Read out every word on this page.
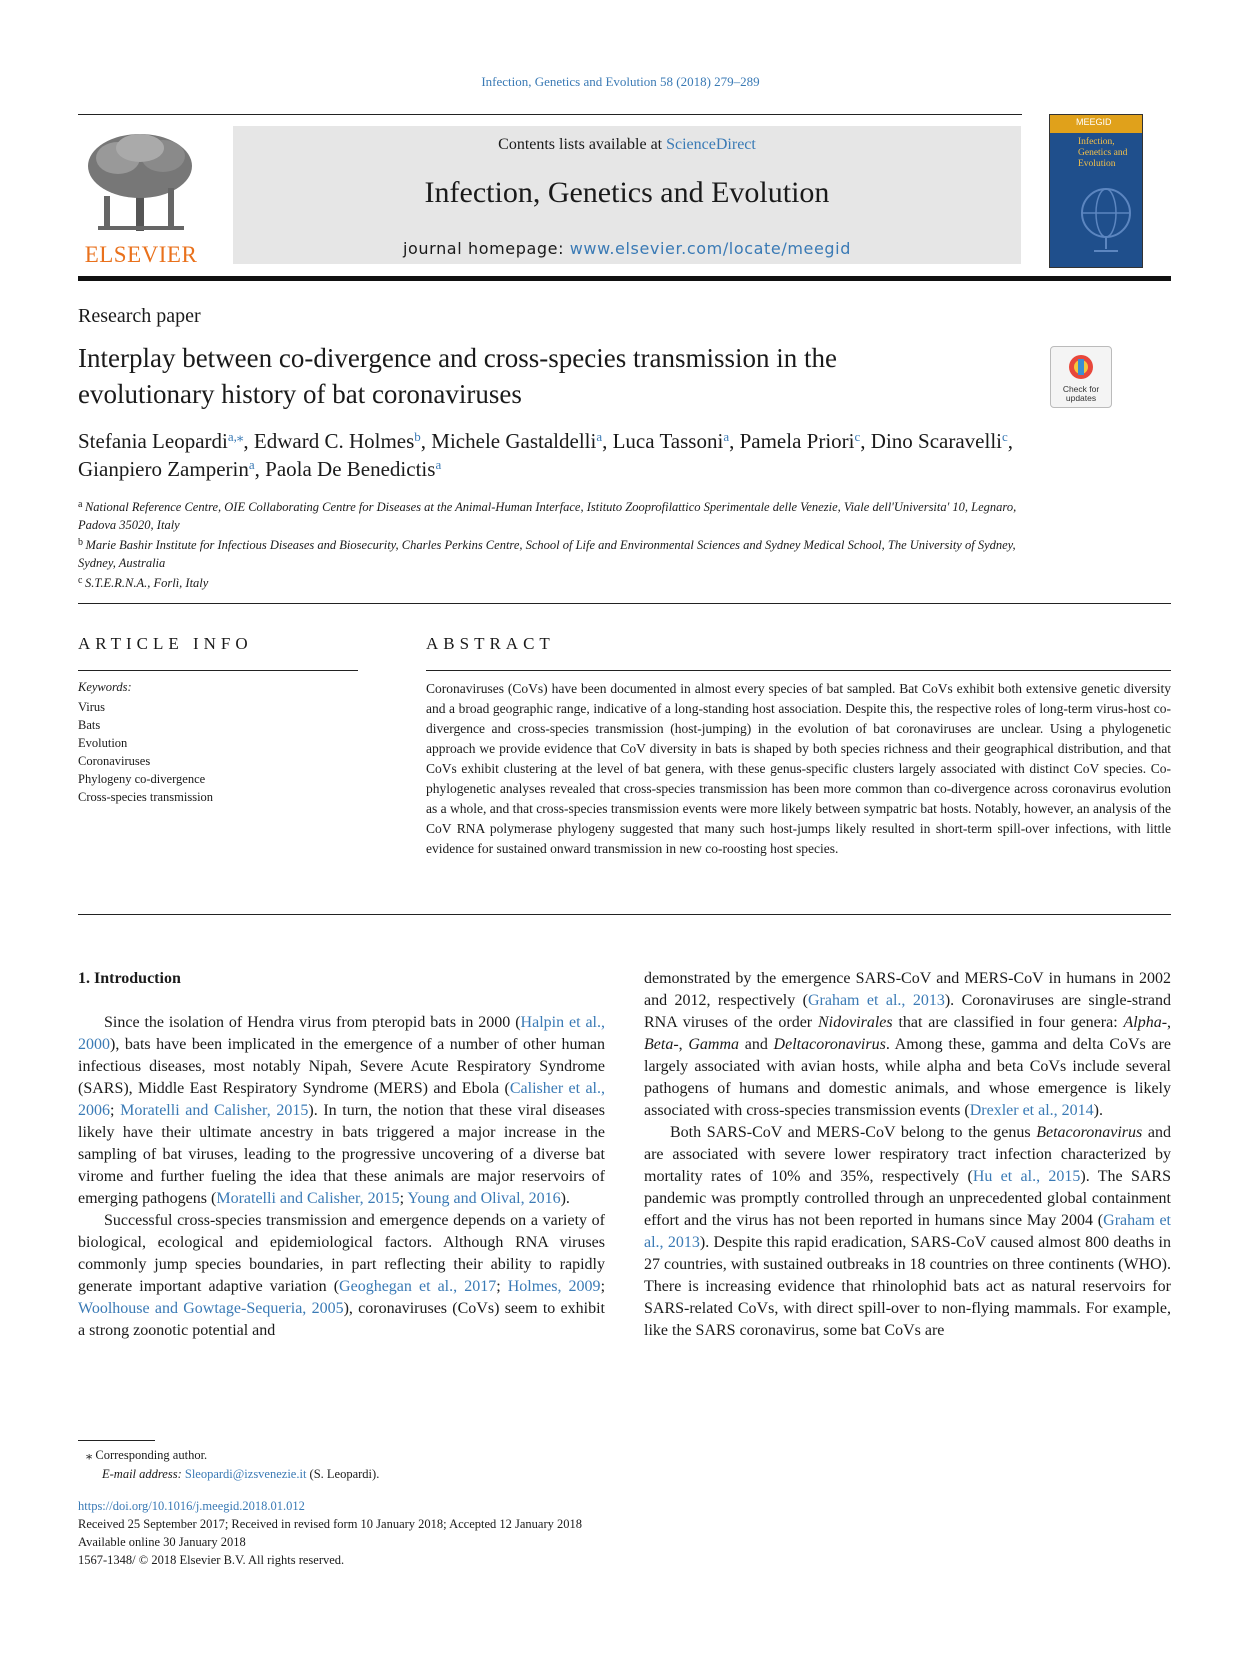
Infection, Genetics and Evolution 58 (2018) 279–289
ELSEVIER
Contents lists available at ScienceDirect
Infection, Genetics and Evolution
journal homepage: www.elsevier.com/locate/meegid
MEEGID
Infection, Genetics and Evolution
Research paper
Interplay between co-divergence and cross-species transmission in the evolutionary history of bat coronaviruses	Check for updates
Stefania Leopardi$^{a,⁎}$, Edward C. Holmes$^b$, Michele Gastaldelli$^a$, Luca Tassoni$^a$, Pamela Priori$^c$, Dino Scaravelli$^c$, Gianpiero Zamperin$^a$, Paola De Benedictis$^a$
$^a$ National Reference Centre, OIE Collaborating Centre for Diseases at the Animal-Human Interface, Istituto Zooprofilattico Sperimentale delle Venezie, Viale dell'Universita' 10, Legnaro, Padova 35020, Italy
$^b$ Marie Bashir Institute for Infectious Diseases and Biosecurity, Charles Perkins Centre, School of Life and Environmental Sciences and Sydney Medical School, The University of Sydney, Sydney, Australia
$^c$ S.T.E.R.N.A., Forlì, Italy
ARTICLE INFO
Keywords:
Virus
Bats
Evolution
Coronaviruses
Phylogeny co-divergence
Cross-species transmission
ABSTRACT
Coronaviruses (CoVs) have been documented in almost every species of bat sampled. Bat CoVs exhibit both extensive genetic diversity and a broad geographic range, indicative of a long-standing host association. Despite this, the respective roles of long-term virus-host co-divergence and cross-species transmission (host-jumping) in the evolution of bat coronaviruses are unclear. Using a phylogenetic approach we provide evidence that CoV diversity in bats is shaped by both species richness and their geographical distribution, and that CoVs exhibit clustering at the level of bat genera, with these genus-specific clusters largely associated with distinct CoV species. Co-phylogenetic analyses revealed that cross-species transmission has been more common than co-divergence across coronavirus evolution as a whole, and that cross-species transmission events were more likely between sympatric bat hosts. Notably, however, an analysis of the CoV RNA polymerase phylogeny suggested that many such host-jumps likely resulted in short-term spill-over infections, with little evidence for sustained onward transmission in new co-roosting host species.
1. Introduction

Since the isolation of Hendra virus from pteropid bats in 2000 (Halpin et al., 2000), bats have been implicated in the emergence of a number of other human infectious diseases, most notably Nipah, Severe Acute Respiratory Syndrome (SARS), Middle East Respiratory Syndrome (MERS) and Ebola (Calisher et al., 2006; Moratelli and Calisher, 2015). In turn, the notion that these viral diseases likely have their ultimate ancestry in bats triggered a major increase in the sampling of bat viruses, leading to the progressive uncovering of a diverse bat virome and further fueling the idea that these animals are major reservoirs of emerging pathogens (Moratelli and Calisher, 2015; Young and Olival, 2016).

Successful cross-species transmission and emergence depends on a variety of biological, ecological and epidemiological factors. Although RNA viruses commonly jump species boundaries, in part reflecting their ability to rapidly generate important adaptive variation (Geoghegan et al., 2017; Holmes, 2009; Woolhouse and Gowtage-Sequeria, 2005), coronaviruses (CoVs) seem to exhibit a strong zoonotic potential and

demonstrated by the emergence SARS-CoV and MERS-CoV in humans in 2002 and 2012, respectively (Graham et al., 2013). Coronaviruses are single-strand RNA viruses of the order Nidovirales that are classified in four genera: Alpha-, Beta-, Gamma and Deltacoronavirus. Among these, gamma and delta CoVs are largely associated with avian hosts, while alpha and beta CoVs include several pathogens of humans and domestic animals, and whose emergence is likely associated with cross-species transmission events (Drexler et al., 2014).

Both SARS-CoV and MERS-CoV belong to the genus Betacoronavirus and are associated with severe lower respiratory tract infection characterized by mortality rates of 10% and 35%, respectively (Hu et al., 2015). The SARS pandemic was promptly controlled through an unprecedented global containment effort and the virus has not been reported in humans since May 2004 (Graham et al., 2013). Despite this rapid eradication, SARS-CoV caused almost 800 deaths in 27 countries, with sustained outbreaks in 18 countries on three continents (WHO). There is increasing evidence that rhinolophid bats act as natural reservoirs for SARS-related CoVs, with direct spill-over to non-flying mammals. For example, like the SARS coronavirus, some bat CoVs are

⁎ Corresponding author.
E-mail address: Sleopardi@izsvenezie.it (S. Leopardi).
https://doi.org/10.1016/j.meegid.2018.01.012
Received 25 September 2017; Received in revised form 10 January 2018; Accepted 12 January 2018
Available online 30 January 2018
1567-1348/ © 2018 Elsevier B.V. All rights reserved.
